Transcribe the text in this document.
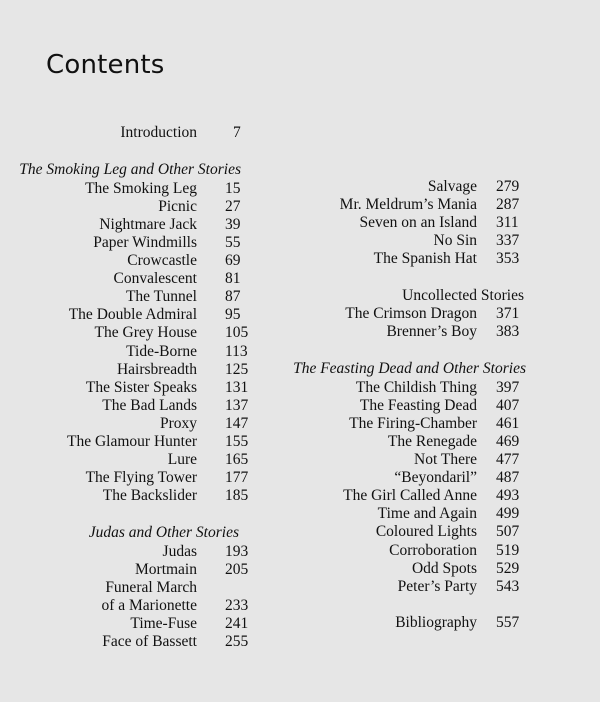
Contents
Introduction 7
The Smoking Leg and Other Stories
The Smoking Leg 15
Picnic 27
Nightmare Jack 39
Paper Windmills 55
Crowcastle 69
Convalescent 81
The Tunnel 87
The Double Admiral 95
The Grey House 105
Tide-Borne 113
Hairsbreadth 125
The Sister Speaks 131
The Bad Lands 137
Proxy 147
The Glamour Hunter 155
Lure 165
The Flying Tower 177
The Backslider 185
Judas and Other Stories
Judas 193
Mortmain 205
Funeral March
of a Marionette 233
Time-Fuse 241
Face of Bassett 255
Salvage 279
Mr. Meldrum’s Mania 287
Seven on an Island 311
No Sin 337
The Spanish Hat 353
Uncollected Stories
The Crimson Dragon 371
Brenner’s Boy 383
The Feasting Dead and Other Stories
The Childish Thing 397
The Feasting Dead 407
The Firing-Chamber 461
The Renegade 469
Not There 477
“Beyondaril” 487
The Girl Called Anne 493
Time and Again 499
Coloured Lights 507
Corroboration 519
Odd Spots 529
Peter’s Party 543
Bibliography 557
